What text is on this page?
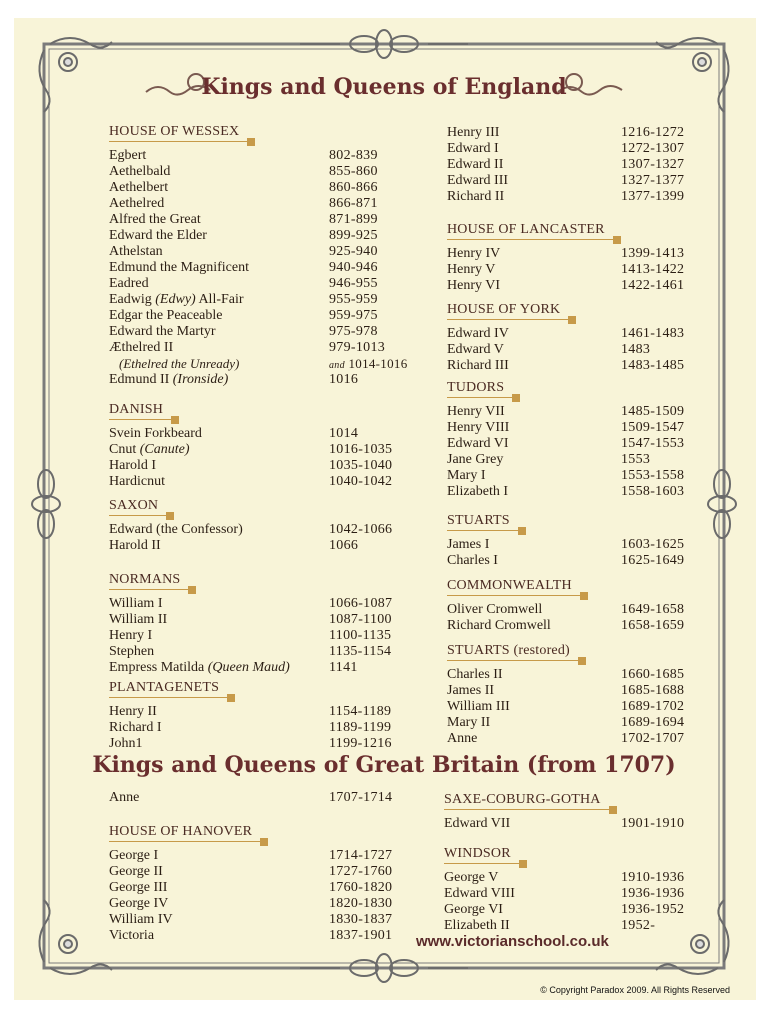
Kings and Queens of England
Kings and Queens of Great Britain (from 1707)
HOUSE OF WESSEX
Egbert	802-839
Aethelbald	855-860
Aethelbert	860-866
Aethelred	866-871
Alfred the Great	871-899
Edward the Elder	899-925
Athelstan	925-940
Edmund the Magnificent	940-946
Eadred	946-955
Eadwig (Edwy) All-Fair	955-959
Edgar the Peaceable	959-975
Edward the Martyr	975-978
Æthelred II	979-1013
(Ethelred the Unready)	and 1014-1016
Edmund II (Ironside)	1016
DANISH
Svein Forkbeard	1014
Cnut (Canute)	1016-1035
Harold I	1035-1040
Hardicnut	1040-1042
SAXON
Edward (the Confessor)	1042-1066
Harold II	1066
NORMANS
William I	1066-1087
William II	1087-1100
Henry I	1100-1135
Stephen	1135-1154
Empress Matilda (Queen Maud)	1141
PLANTAGENETS
Henry II	1154-1189
Richard I	1189-1199
John1	1199-1216
Henry III	1216-1272
Edward I	1272-1307
Edward II	1307-1327
Edward III	1327-1377
Richard II	1377-1399
HOUSE OF LANCASTER
Henry IV	1399-1413
Henry V	1413-1422
Henry VI	1422-1461
HOUSE OF YORK
Edward IV	1461-1483
Edward V	1483
Richard III	1483-1485
TUDORS
Henry VII	1485-1509
Henry VIII	1509-1547
Edward VI	1547-1553
Jane Grey	1553
Mary I	1553-1558
Elizabeth I	1558-1603
STUARTS
James I	1603-1625
Charles I	1625-1649
COMMONWEALTH
Oliver Cromwell	1649-1658
Richard Cromwell	1658-1659
STUARTS (restored)
Charles II	1660-1685
James II	1685-1688
William III	1689-1702
Mary II	1689-1694
Anne	1702-1707
Anne	1707-1714
HOUSE OF HANOVER
George I	1714-1727
George II	1727-1760
George III	1760-1820
George IV	1820-1830
William IV	1830-1837
Victoria	1837-1901
SAXE-COBURG-GOTHA
Edward VII	1901-1910
WINDSOR
George V	1910-1936
Edward VIII	1936-1936
George VI	1936-1952
Elizabeth II	1952-
www.victorianschool.co.uk
© Copyright Paradox 2009. All Rights Reserved
